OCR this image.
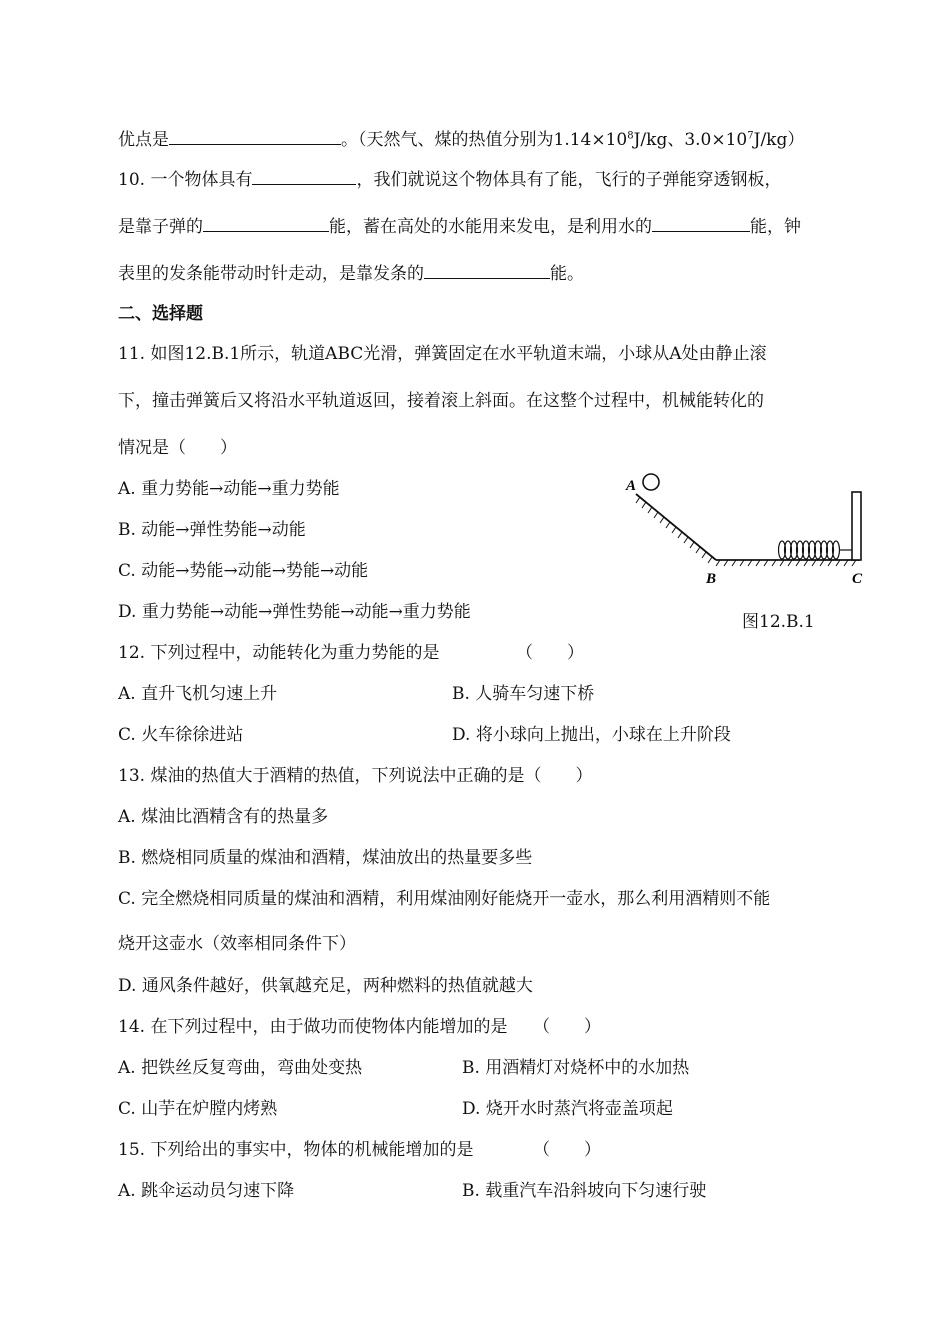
优点是	。（天然气、煤的热值分别为$1.14\times 10^8J/kg$、$3.0\times 10^7J/kg$）
10. 一个物体具有	，我们就说这个物体具有了能，飞行的子弹能穿透钢板，
是靠子弹的	能，蓄在高处的水能用来发电，是利用水的	能，钟
表里的发条能带动时针走动，是靠发条的	能。
二、选择题
11. 如图12.B.1所示，轨道ABC光滑，弹簧固定在水平轨道末端，小球从A处由静止滚
下，撞击弹簧后又将沿水平轨道返回，接着滚上斜面。在这整个过程中，机械能转化的
情况是（　　）
A. 重力势能→动能→重力势能
B. 动能→弹性势能→动能
C. 动能→势能→动能→势能→动能
D. 重力势能→动能→弹性势能→动能→重力势能
A
B	C
图12.B.1
12. 下列过程中，动能转化为重力势能的是　　　　　（　　）
A. 直升飞机匀速上升	B. 人骑车匀速下桥
C. 火车徐徐进站	D. 将小球向上抛出，小球在上升阶段
13. 煤油的热值大于酒精的热值，下列说法中正确的是（　　）
A. 煤油比酒精含有的热量多
B. 燃烧相同质量的煤油和酒精，煤油放出的热量要多些
C. 完全燃烧相同质量的煤油和酒精，利用煤油刚好能烧开一壶水，那么利用酒精则不能
烧开这壶水（效率相同条件下）
D. 通风条件越好，供氧越充足，两种燃料的热值就越大
14. 在下列过程中，由于做功而使物体内能增加的是　　（　　）
A. 把铁丝反复弯曲，弯曲处变热	B. 用酒精灯对烧杯中的水加热
C. 山芋在炉膛内烤熟	D. 烧开水时蒸汽将壶盖项起
15. 下列给出的事实中，物体的机械能增加的是　　　　（　　）
A. 跳伞运动员匀速下降	B. 载重汽车沿斜坡向下匀速行驶
